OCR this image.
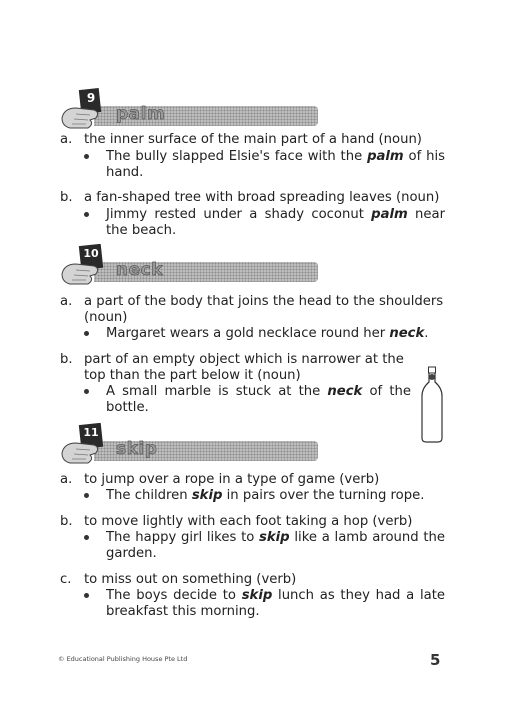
9
palm
a. the inner surface of the main part of a hand (noun)
The bully slapped Elsie's face with the palm of his hand.
b. a fan-shaped tree with broad spreading leaves (noun)
Jimmy rested under a shady coconut palm near the beach.
10
neck
a. a part of the body that joins the head to the shoulders (noun)
Margaret wears a gold necklace round her neck.
b. part of an empty object which is narrower at the top than the part below it (noun)
A small marble is stuck at the neck of the bottle.
11
skip
a. to jump over a rope in a type of game (verb)
The children skip in pairs over the turning rope.
b. to move lightly with each foot taking a hop (verb)
The happy girl likes to skip like a lamb around the garden.
c. to miss out on something (verb)
The boys decide to skip lunch as they had a late breakfast this morning.
© Educational Publishing House Pte Ltd	5
